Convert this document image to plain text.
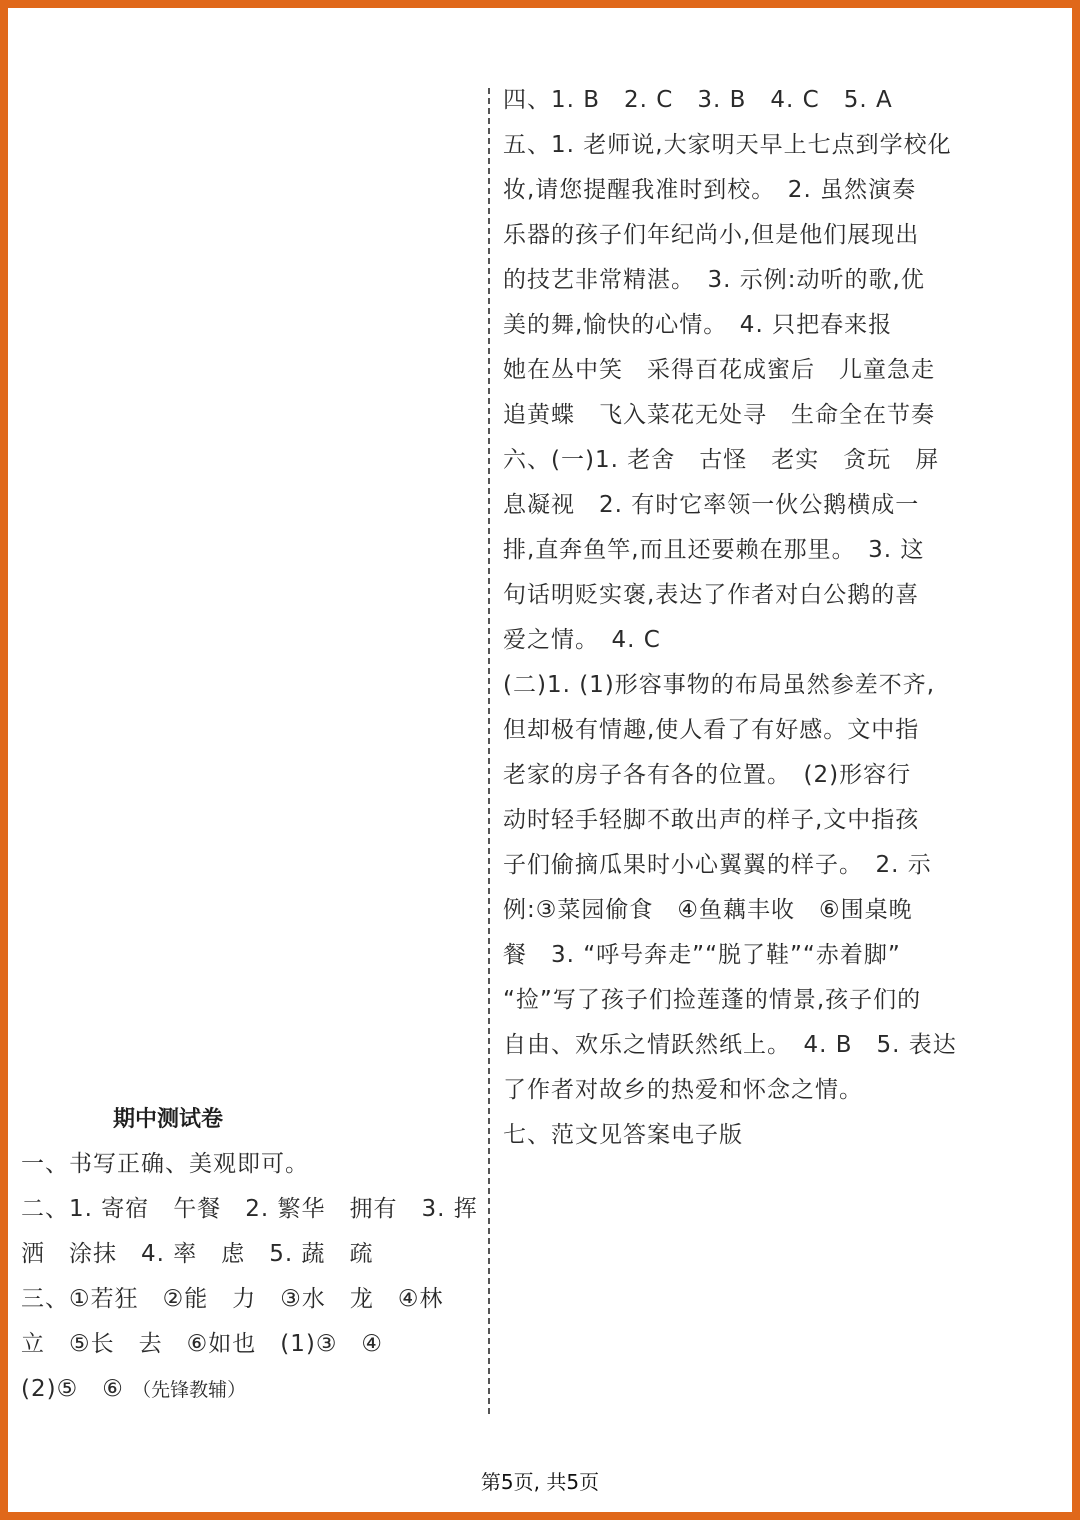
四、1. B　2. C　3. B　4. C　5. A
五、1. 老师说,大家明天早上七点到学校化
妆,请您提醒我准时到校。　2. 虽然演奏
乐器的孩子们年纪尚小,但是他们展现出
的技艺非常精湛。　3. 示例:动听的歌,优
美的舞,愉快的心情。　4. 只把春来报
她在丛中笑　采得百花成蜜后　儿童急走
追黄蝶　飞入菜花无处寻　生命全在节奏
六、(一)1. 老舍　古怪　老实　贪玩　屏
息凝视　2. 有时它率领一伙公鹅横成一
排,直奔鱼竿,而且还要赖在那里。　3. 这
句话明贬实褒,表达了作者对白公鹅的喜
爱之情。　4. C
(二)1. (1)形容事物的布局虽然参差不齐,
但却极有情趣,使人看了有好感。文中指
老家的房子各有各的位置。　(2)形容行
动时轻手轻脚不敢出声的样子,文中指孩
子们偷摘瓜果时小心翼翼的样子。　2. 示
例:③菜园偷食　④鱼藕丰收　⑥围桌晚
餐　3. “呼号奔走”“脱了鞋”“赤着脚”
“捡”写了孩子们捡莲蓬的情景,孩子们的
自由、欢乐之情跃然纸上。　4. B　5. 表达
了作者对故乡的热爱和怀念之情。
七、范文见答案电子版
期中测试卷
一、书写正确、美观即可。
二、1. 寄宿　午餐　2. 繁华　拥有　3. 挥
洒　涂抹　4. 率　虑　5. 蔬　疏
三、①若狂　②能　力　③水　龙　④林
立　⑤长　去　⑥如也　(1)③　④
(2)⑤　⑥ （先锋教辅）
第5页, 共5页
